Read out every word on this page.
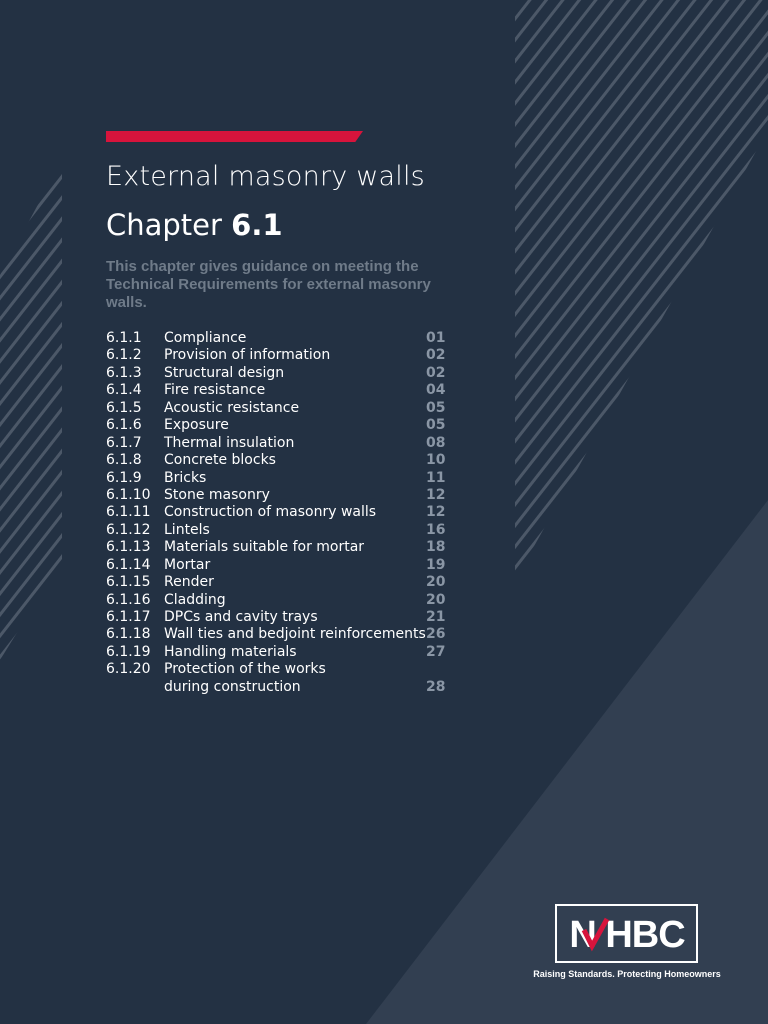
External masonry walls
Chapter 6.1
This chapter gives guidance on meeting the Technical Requirements for external masonry walls.
6.1.1 Compliance	01
6.1.2 Provision of information	02
6.1.3 Structural design	02
6.1.4 Fire resistance	04
6.1.5 Acoustic resistance	05
6.1.6 Exposure	05
6.1.7 Thermal insulation	08
6.1.8 Concrete blocks	10
6.1.9 Bricks	11
6.1.10 Stone masonry	12
6.1.11 Construction of masonry walls	12
6.1.12 Lintels	16
6.1.13 Materials suitable for mortar	18
6.1.14 Mortar	19
6.1.15 Render	20
6.1.16 Cladding	20
6.1.17 DPCs and cavity trays	21
6.1.18 Wall ties and bedjoint reinforcements 26
6.1.19 Handling materials	27
6.1.20 Protection of the works
during construction	28
N HBC
Raising Standards. Protecting Homeowners
